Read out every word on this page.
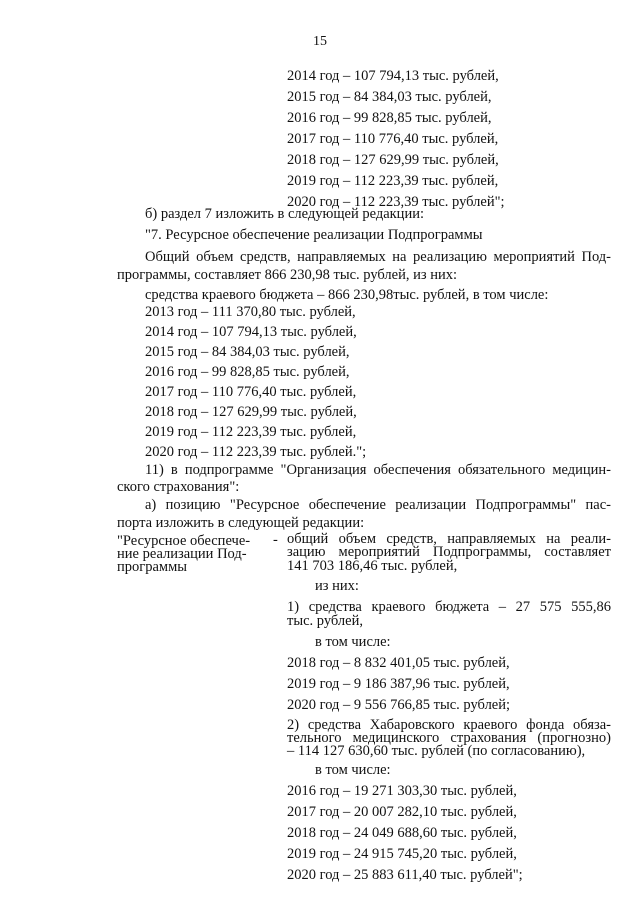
15
2014 год – 107 794,13 тыс. рублей,
2015 год – 84 384,03 тыс. рублей,
2016 год – 99 828,85 тыс. рублей,
2017 год – 110 776,40 тыс. рублей,
2018 год – 127 629,99 тыс. рублей,
2019 год – 112 223,39 тыс. рублей,
2020 год – 112 223,39 тыс. рублей";
б) раздел 7 изложить в следующей редакции:
"7. Ресурсное обеспечение реализации Подпрограммы
Общий объем средств, направляемых на реализацию мероприятий Под-
программы, составляет 866 230,98 тыс. рублей, из них:
средства краевого бюджета – 866 230,98тыс. рублей, в том числе:
2013 год – 111 370,80 тыс. рублей,
2014 год – 107 794,13 тыс. рублей,
2015 год – 84 384,03 тыс. рублей,
2016 год – 99 828,85 тыс. рублей,
2017 год – 110 776,40 тыс. рублей,
2018 год – 127 629,99 тыс. рублей,
2019 год – 112 223,39 тыс. рублей,
2020 год – 112 223,39 тыс. рублей.";
11) в подпрограмме "Организация обеспечения обязательного медицин-
ского страхования":
а) позицию "Ресурсное обеспечение реализации Подпрограммы" пас-
порта изложить в следующей редакции:
"Ресурсное обеспече-
ние реализации Под-
программы
- общий объем средств, направляемых на реали-
зацию мероприятий Подпрограммы, составляет
141 703 186,46 тыс. рублей,
из них:
1) средства краевого бюджета – 27 575 555,86
тыс. рублей,
в том числе:
2018 год – 8 832 401,05 тыс. рублей,
2019 год – 9 186 387,96 тыс. рублей,
2020 год – 9 556 766,85 тыс. рублей;
2) средства Хабаровского краевого фонда обяза-
тельного медицинского страхования (прогнозно)
– 114 127 630,60 тыс. рублей (по согласованию),
в том числе:
2016 год – 19 271 303,30 тыс. рублей,
2017 год – 20 007 282,10 тыс. рублей,
2018 год – 24 049 688,60 тыс. рублей,
2019 год – 24 915 745,20 тыс. рублей,
2020 год – 25 883 611,40 тыс. рублей";
